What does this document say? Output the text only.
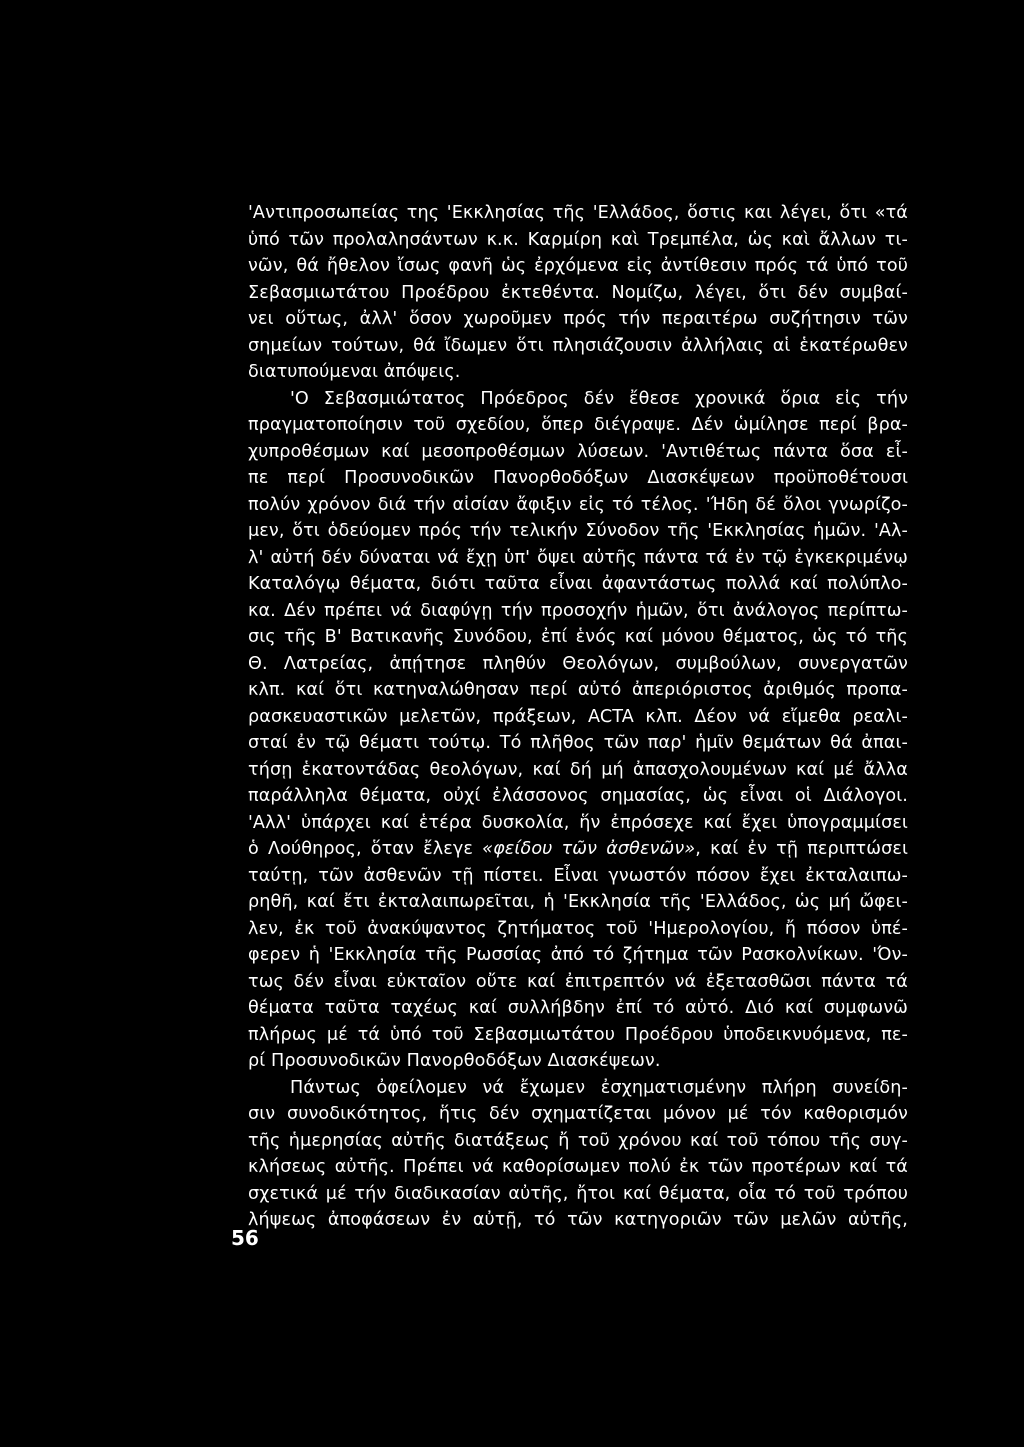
'Αντιπροσωπείας της 'Εκκλησίας τῆς 'Ελλάδος, ὅστις και λέγει, ὅτι «τά
ὑπό τῶν προλαλησάντων κ.κ. Καρμίρη καὶ Τρεμπέλα, ὡς καὶ ἄλλων τι-
νῶν, θά ἤθελον ἴσως φανῆ ὡς ἐρχόμενα εἰς ἀντίθεσιν πρός τά ὑπό τοῦ
Σεβασμιωτάτου Προέδρου ἐκτεθέντα. Νομίζω, λέγει, ὅτι δέν συμβαί-
νει οὕτως, ἀλλ' ὅσον χωροῦμεν πρός τήν περαιτέρω συζήτησιν τῶν
σημείων τούτων, θά ἴδωμεν ὅτι πλησιάζουσιν ἀλλήλαις αἱ ἑκατέρωθεν
διατυπούμεναι ἀπόψεις.
'Ο Σεβασμιώτατος Πρόεδρος δέν ἔθεσε χρονικά ὅρια εἰς τήν
πραγματοποίησιν τοῦ σχεδίου, ὅπερ διέγραψε. Δέν ὡμίλησε περί βρα-
χυπροθέσμων καί μεσοπροθέσμων λύσεων. 'Αντιθέτως πάντα ὅσα εἶ-
πε περί Προσυνοδικῶν Πανορθοδόξων Διασκέψεων προϋποθέτουσι
πολύν χρόνον διά τήν αἰσίαν ἄφιξιν εἰς τό τέλος. 'Ήδη δέ ὅλοι γνωρίζο-
μεν, ὅτι ὁδεύομεν πρός τήν τελικήν Σύνοδον τῆς 'Εκκλησίας ἡμῶν. 'Αλ-
λ' αὐτή δέν δύναται νά ἔχῃ ὑπ' ὄψει αὐτῆς πάντα τά ἐν τῷ ἐγκεκριμένῳ
Καταλόγῳ θέματα, διότι ταῦτα εἶναι ἀφαντάστως πολλά καί πολύπλο-
κα. Δέν πρέπει νά διαφύγῃ τήν προσοχήν ἡμῶν, ὅτι ἀνάλογος περίπτω-
σις τῆς Β' Βατικανῆς Συνόδου, ἐπί ἑνός καί μόνου θέματος, ὡς τό τῆς
Θ. Λατρείας, ἀπῄτησε πληθύν Θεολόγων, συμβούλων, συνεργατῶν
κλπ. καί ὅτι κατηναλώθησαν περί αὐτό ἀπεριόριστος ἀριθμός προπα-
ρασκευαστικῶν μελετῶν, πράξεων, ACTA κλπ. Δέον νά εἴμεθα ρεαλι-
σταί ἐν τῷ θέματι τούτῳ. Τό πλῆθος τῶν παρ' ἡμῖν θεμάτων θά ἀπαι-
τήσῃ ἑκατοντάδας θεολόγων, καί δή μή ἀπασχολουμένων καί μέ ἄλλα
παράλληλα θέματα, οὐχί ἐλάσσονος σημασίας, ὡς εἶναι οἱ Διάλογοι.
'Αλλ' ὑπάρχει καί ἑτέρα δυσκολία, ἥν ἐπρόσεχε καί ἔχει ὑπογραμμίσει
ὁ Λούθηρος, ὅταν ἔλεγε «φείδου τῶν ἀσθενῶν», καί ἐν τῇ περιπτώσει
ταύτῃ, τῶν ἀσθενῶν τῇ πίστει. Εἶναι γνωστόν πόσον ἔχει ἐκταλαιπω-
ρηθῆ, καί ἔτι ἐκταλαιπωρεῖται, ἡ 'Εκκλησία τῆς 'Ελλάδος, ὡς μή ὤφει-
λεν, ἐκ τοῦ ἀνακύψαντος ζητήματος τοῦ 'Ημερολογίου, ἤ πόσον ὑπέ-
φερεν ἡ 'Εκκλησία τῆς Ρωσσίας ἀπό τό ζήτημα τῶν Ρασκολνίκων. 'Όν-
τως δέν εἶναι εὐκταῖον οὔτε καί ἐπιτρεπτόν νά ἐξετασθῶσι πάντα τά
θέματα ταῦτα ταχέως καί συλλήβδην ἐπί τό αὐτό. Διό καί συμφωνῶ
πλήρως μέ τά ὑπό τοῦ Σεβασμιωτάτου Προέδρου ὑποδεικνυόμενα, πε-
ρί Προσυνοδικῶν Πανορθοδόξων Διασκέψεων.
Πάντως ὀφείλομεν νά ἔχωμεν ἐσχηματισμένην πλήρη συνείδη-
σιν συνοδικότητος, ἥτις δέν σχηματίζεται μόνον μέ τόν καθορισμόν
τῆς ἡμερησίας αὐτῆς διατάξεως ἤ τοῦ χρόνου καί τοῦ τόπου τῆς συγ-
κλήσεως αὐτῆς. Πρέπει νά καθορίσωμεν πολύ ἐκ τῶν προτέρων καί τά
σχετικά μέ τήν διαδικασίαν αὐτῆς, ἤτοι καί θέματα, οἷα τό τοῦ τρόπου
λήψεως ἀποφάσεων ἐν αὐτῇ, τό τῶν κατηγοριῶν τῶν μελῶν αὐτῆς,
56
